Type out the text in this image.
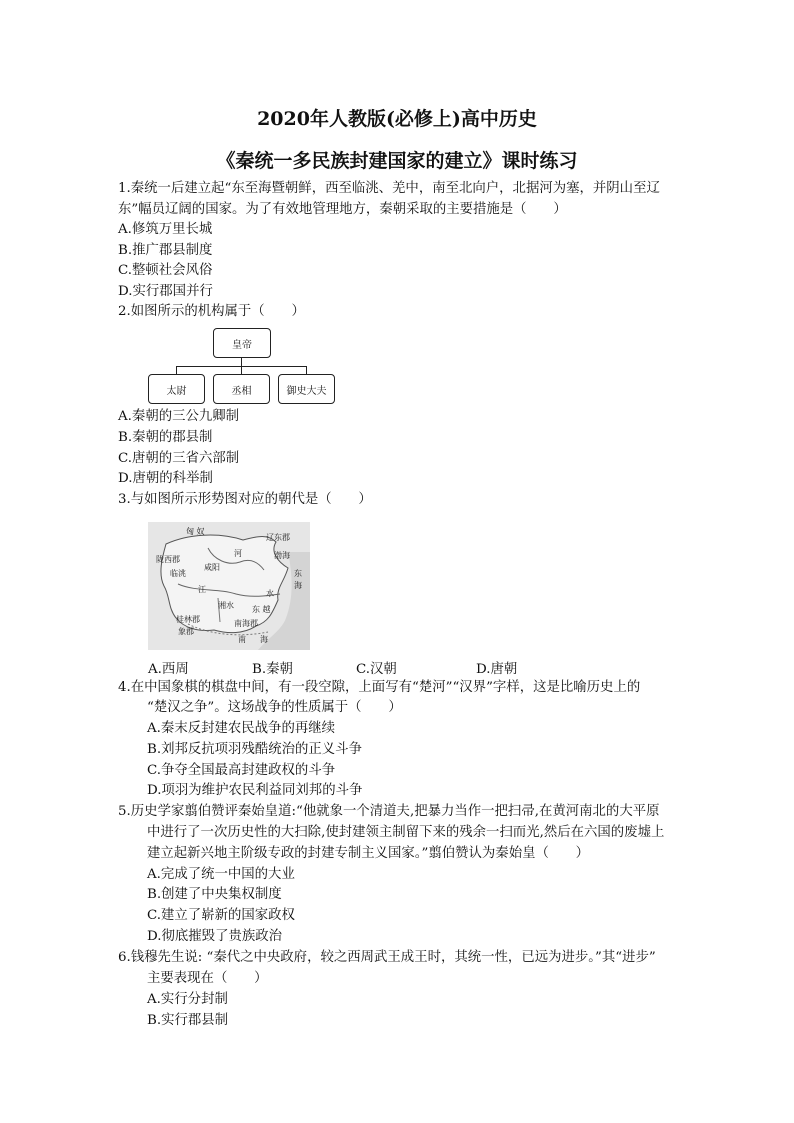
2020年人教版(必修上)高中历史
《秦统一多民族封建国家的建立》课时练习
1.秦统一后建立起“东至海暨朝鲜，西至临洮、羌中，南至北向户，北据河为塞，并阴山至辽
东”幅员辽阔的国家。为了有效地管理地方，秦朝采取的主要措施是（　　）
A.修筑万里长城
B.推广郡县制度
C.整顿社会风俗
D.实行郡国并行
2.如图所示的机构属于（　　）
皇帝
太尉	丞相	御史大夫
A.秦朝的三公九卿制
B.秦朝的郡县制
C.唐朝的三省六部制
D.唐朝的科举制
3.与如图所示形势图对应的朝代是（　　）
匈 奴
辽东郡
陇西郡
河	渤海
临洮
咸阳
东
海
江	水
湘水 东 越
桂林郡
象郡
南海郡
南 海
A.西周	B.秦朝	C.汉朝	D.唐朝
4.在中国象棋的棋盘中间，有一段空隙，上面写有“楚河”“汉界”字样，这是比喻历史上的
“楚汉之争”。这场战争的性质属于（　　）
A.秦末反封建农民战争的再继续
B.刘邦反抗项羽残酷统治的正义斗争
C.争夺全国最高封建政权的斗争
D.项羽为维护农民利益同刘邦的斗争
5.历史学家翦伯赞评秦始皇道:“他就象一个清道夫,把暴力当作一把扫帚,在黄河南北的大平原
中进行了一次历史性的大扫除,使封建领主制留下来的残余一扫而光,然后在六国的废墟上
建立起新兴地主阶级专政的封建专制主义国家。”翦伯赞认为秦始皇（　　）
A.完成了统一中国的大业
B.创建了中央集权制度
C.建立了崭新的国家政权
D.彻底摧毁了贵族政治
6.钱穆先生说: “秦代之中央政府，较之西周武王成王时，其统一性，已远为进步。”其“进步”
主要表现在（　　）
A.实行分封制
B.实行郡县制
